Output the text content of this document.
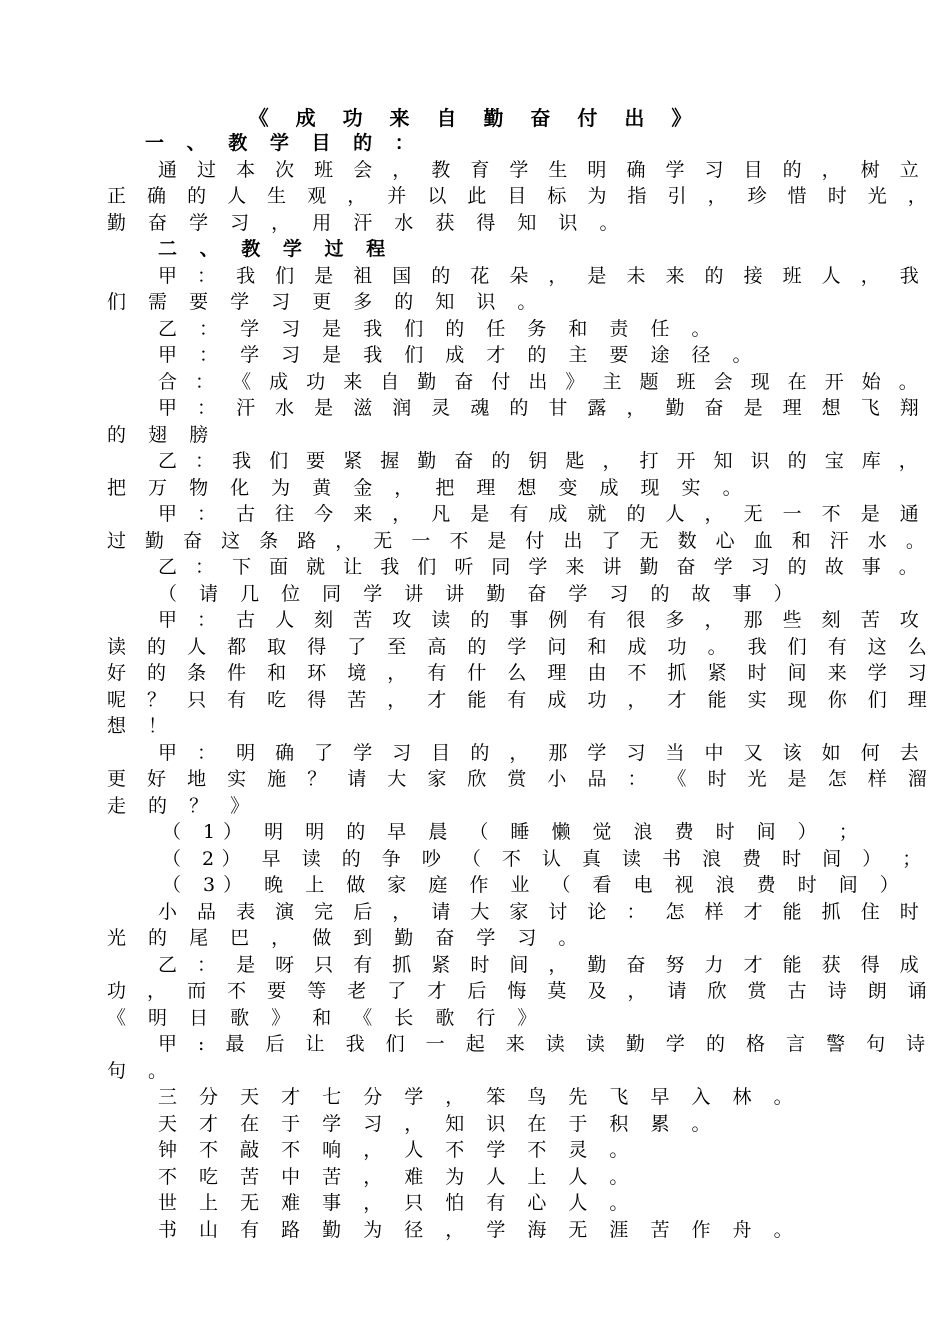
《 成 功 来 自 勤 奋 付 出 》
一 、 教 学 目 的 ：
通 过 本 次 班 会 ， 教 育 学 生 明 确 学 习 目 的 ， 树 立
正 确 的 人 生 观 ， 并 以 此 目 标 为 指 引 ， 珍 惜 时 光 ，
勤 奋 学 习 ， 用 汗 水 获 得 知 识 。
二 、 教 学 过 程
甲 ： 我 们 是 祖 国 的 花 朵 ， 是 未 来 的 接 班 人 ， 我
们 需 要 学 习 更 多 的 知 识 。
乙 ： 学 习 是 我 们 的 任 务 和 责 任 。
甲 ： 学 习 是 我 们 成 才 的 主 要 途 径 。
合 ： 《 成 功 来 自 勤 奋 付 出 》 主 题 班 会 现 在 开 始 。
甲 ： 汗 水 是 滋 润 灵 魂 的 甘 露 ， 勤 奋 是 理 想 飞 翔
的 翅 膀
乙 ： 我 们 要 紧 握 勤 奋 的 钥 匙 ， 打 开 知 识 的 宝 库 ，
把 万 物 化 为 黄 金 ， 把 理 想 变 成 现 实 。
甲 ： 古 往 今 来 ， 凡 是 有 成 就 的 人 ， 无 一 不 是 通
过 勤 奋 这 条 路 ， 无 一 不 是 付 出 了 无 数 心 血 和 汗 水 。
乙 ： 下 面 就 让 我 们 听 同 学 来 讲 勤 奋 学 习 的 故 事 。
（ 请 几 位 同 学 讲 讲 勤 奋 学 习 的 故 事 ）
甲 ： 古 人 刻 苦 攻 读 的 事 例 有 很 多 ， 那 些 刻 苦 攻
读 的 人 都 取 得 了 至 高 的 学 问 和 成 功 。 我 们 有 这 么
好 的 条 件 和 环 境 ， 有 什 么 理 由 不 抓 紧 时 间 来 学 习
呢 ？ 只 有 吃 得 苦 ， 才 能 有 成 功 ， 才 能 实 现 你 们 理
想 ！
甲 ： 明 确 了 学 习 目 的 ， 那 学 习 当 中 又 该 如 何 去
更 好 地 实 施 ？ 请 大 家 欣 赏 小 品 ： 《 时 光 是 怎 样 溜
走 的 ？ 》
（ 1） 明 明 的 早 晨 （ 睡 懒 觉 浪 费 时 间 ） ；
（ 2） 早 读 的 争 吵 （ 不 认 真 读 书 浪 费 时 间 ） ；
（ 3） 晚 上 做 家 庭 作 业 （ 看 电 视 浪 费 时 间 ）
小 品 表 演 完 后 ， 请 大 家 讨 论 ： 怎 样 才 能 抓 住 时
光 的 尾 巴 ， 做 到 勤 奋 学 习 。
乙 ： 是 呀 只 有 抓 紧 时 间 ， 勤 奋 努 力 才 能 获 得 成
功 ， 而 不 要 等 老 了 才 后 悔 莫 及 ， 请 欣 赏 古 诗 朗 诵
《 明 日 歌 》 和 《 长 歌 行 》
甲 : 最 后 让 我 们 一 起 来 读 读 勤 学 的 格 言 警 句 诗
句 。
三 分 天 才 七 分 学 ， 笨 鸟 先 飞 早 入 林 。
天 才 在 于 学 习 ， 知 识 在 于 积 累 。
钟 不 敲 不 响 ， 人 不 学 不 灵 。
不 吃 苦 中 苦 ， 难 为 人 上 人 。
世 上 无 难 事 ， 只 怕 有 心 人 。
书 山 有 路 勤 为 径 ， 学 海 无 涯 苦 作 舟 。
